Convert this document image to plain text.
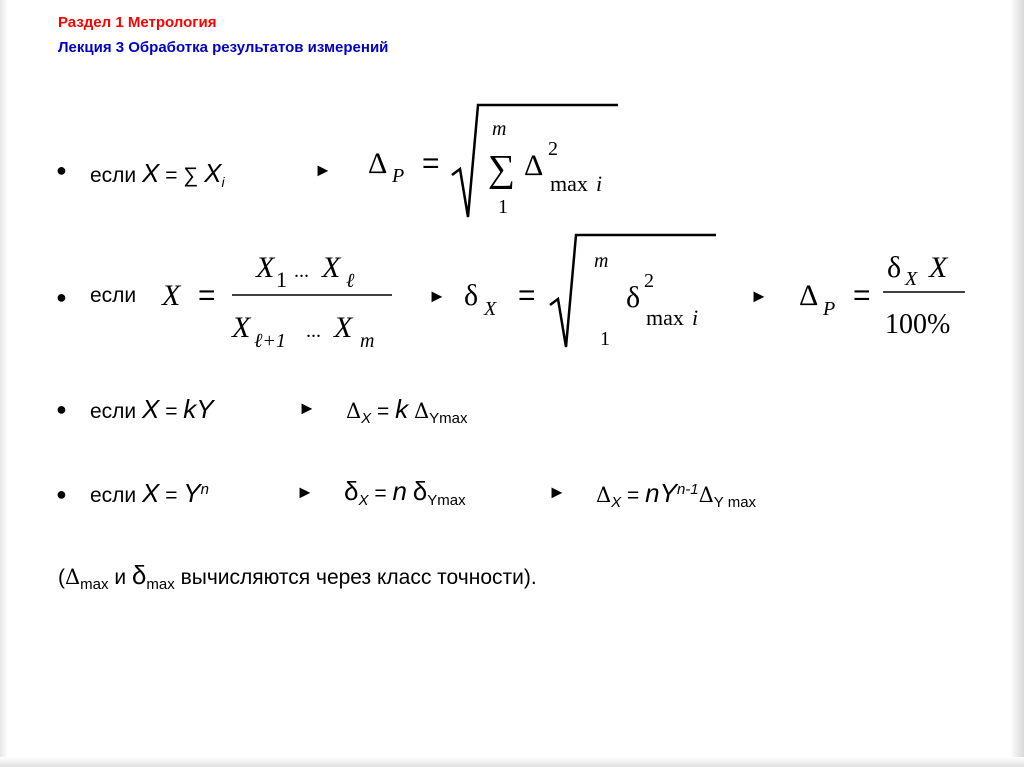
Раздел 1 Метрология
Лекция 3 Обработка результатов измерений
● если X = ∑ $X_i$
► Δ P =
m
∑
1
Δ 2
max i
● если X =
X 1 ... X ℓ
X ℓ+1 ... X m
► δ X =
m
1
δ 2
max i
► Δ P =
δ X X
100%
● если X = kY	► $\Delta_X = k$ $\Delta_{Ymax}$
● если $X = Y^n$	► $\delta_X = n$ $\delta_{Ymax}$	► $\Delta_X = nY^{n-1}\Delta_{Y max}$
($\Delta_{max}$ и $\delta_{max}$ вычисляются через класс точности).
